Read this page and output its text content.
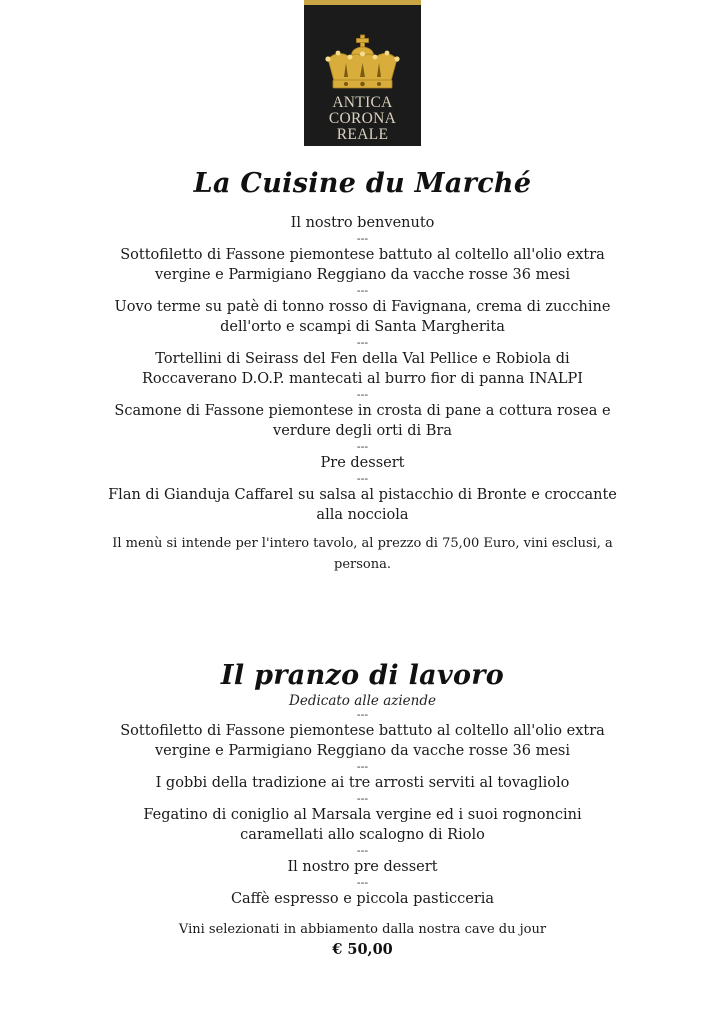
ANTICA
CORONA
REALE
La Cuisine du Marché
Il nostro benvenuto
---
Sottofiletto di Fassone piemontese battuto al coltello all'olio extra vergine e Parmigiano Reggiano da vacche rosse 36 mesi
---
Uovo terme su patè di tonno rosso di Favignana, crema di zucchine dell'orto e scampi di Santa Margherita
---
Tortellini di Seirass del Fen della Val Pellice e Robiola di Roccaverano D.O.P. mantecati al burro fior di panna INALPI
---
Scamone di Fassone piemontese in crosta di pane a cottura rosea e verdure degli orti di Bra
---
Pre dessert
---
Flan di Gianduja Caffarel su salsa al pistacchio di Bronte e croccante alla nocciola
Il menù si intende per l'intero tavolo, al prezzo di 75,00 Euro, vini esclusi, a persona.
Il pranzo di lavoro
Dedicato alle aziende
---
Sottofiletto di Fassone piemontese battuto al coltello all'olio extra vergine e Parmigiano Reggiano da vacche rosse 36 mesi
---
I gobbi della tradizione ai tre arrosti serviti al tovagliolo
---
Fegatino di coniglio al Marsala vergine ed i suoi rognoncini caramellati allo scalogno di Riolo
---
Il nostro pre dessert
---
Caffè espresso e piccola pasticceria
Vini selezionati in abbiamento dalla nostra cave du jour
€ 50,00
